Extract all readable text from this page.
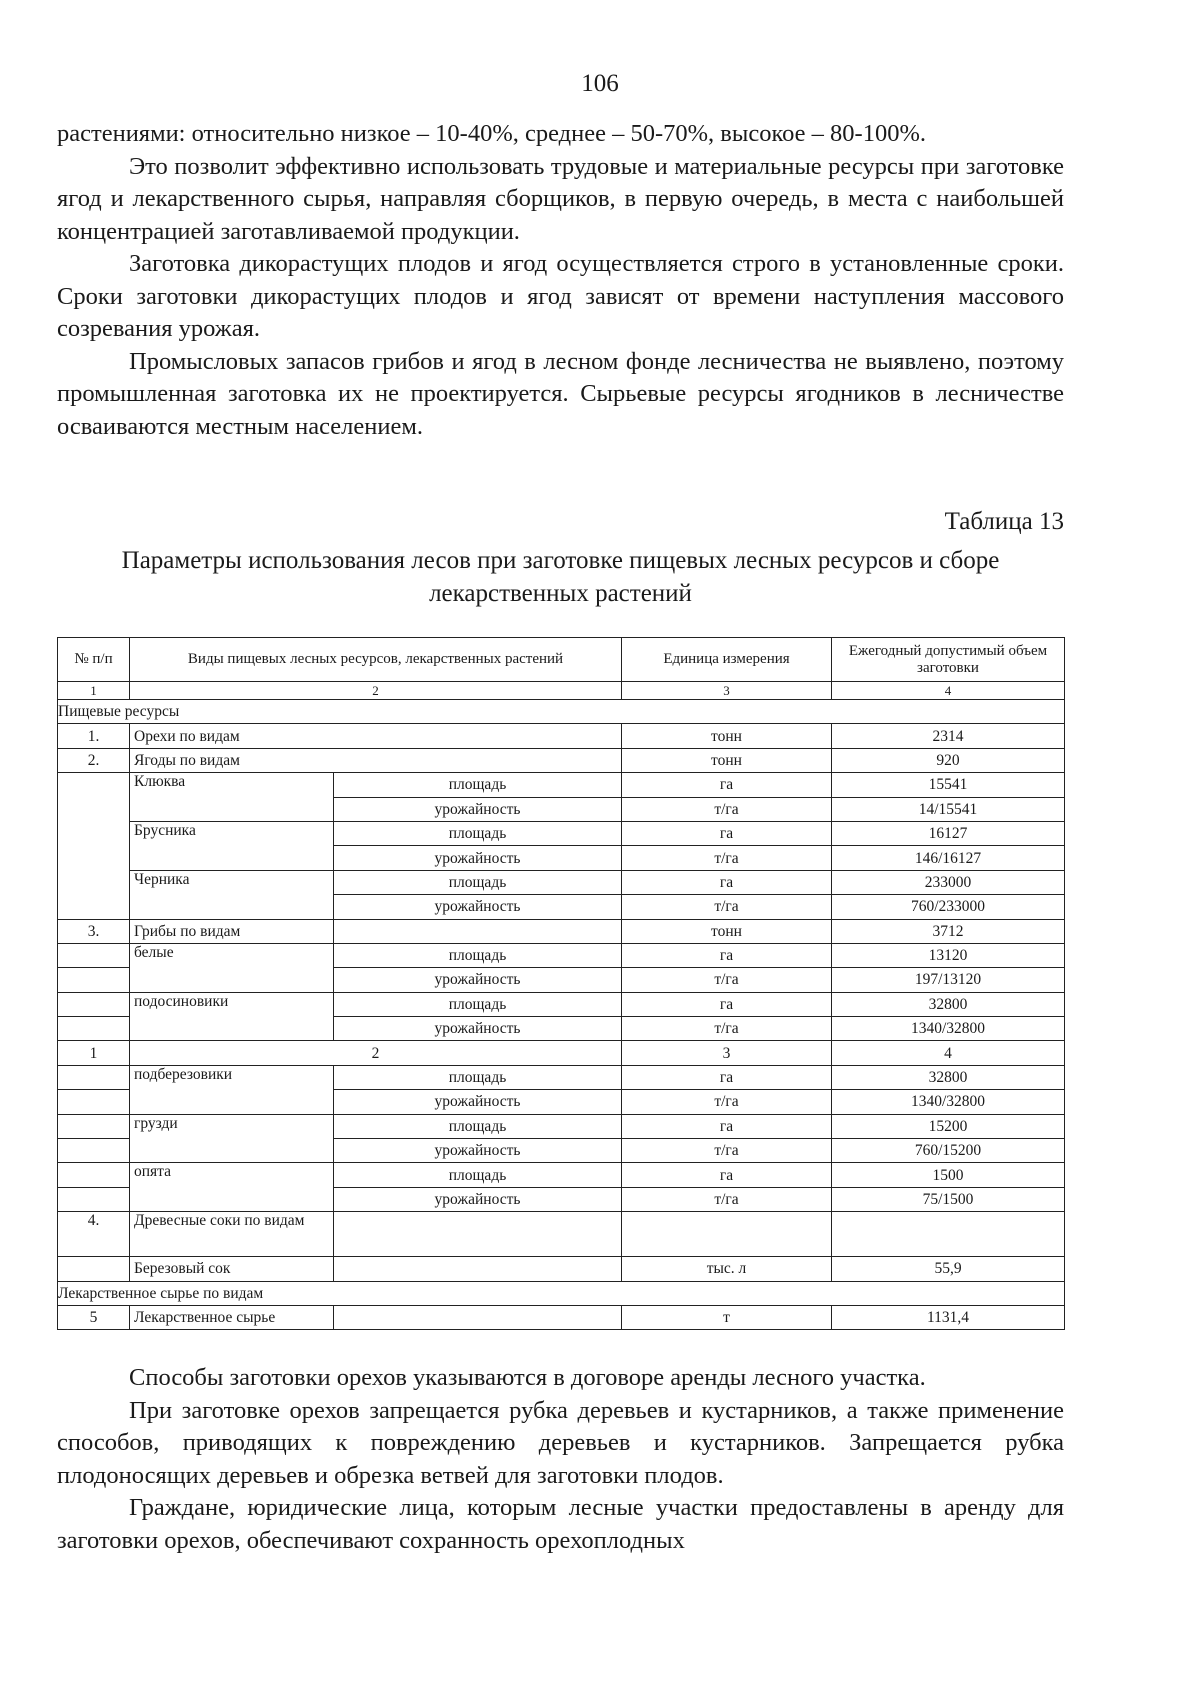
106

растениями: относительно низкое – 10-40%, среднее – 50-70%, высокое – 80-100%.

Это позволит эффективно использовать трудовые и материальные ресурсы при заготовке ягод и лекарственного сырья, направляя сборщиков, в первую очередь, в места с наибольшей концентрацией заготавливаемой продукции.

Заготовка дикорастущих плодов и ягод осуществляется строго в установленные сроки. Сроки заготовки дикорастущих плодов и ягод зависят от времени наступления массового созревания урожая.

Промысловых запасов грибов и ягод в лесном фонде лесничества не выявлено, поэтому промышленная заготовка их не проектируется. Сырьевые ресурсы ягодников в лесничестве осваиваются местным населением.

Таблица 13
Параметры использования лесов при заготовке пищевых лесных ресурсов и сборе лекарственных растений
№ п/п	Виды пищевых лесных ресурсов, лекарственных растений		Единица измерения	Ежегодный допустимый объем заготовки
1	2		3	4
Пищевые ресурсы				
1.	Орехи по видам		тонн	2314
2.	Ягоды по видам		тонн	920
	Клюква	площадь	га	15541
		урожайность	т/га	14/15541
	Брусника	площадь	га	16127
		урожайность	т/га	146/16127
	Черника	площадь	га	233000
		урожайность	т/га	760/233000
3.	Грибы по видам		тонн	3712
	белые	площадь	га	13120
		урожайность	т/га	197/13120
	подосиновики	площадь	га	32800
		урожайность	т/га	1340/32800
1	2		3	4
	подберезовики	площадь	га	32800
		урожайность	т/га	1340/32800
	грузди	площадь	га	15200
		урожайность	т/га	760/15200
	опята	площадь	га	1500
		урожайность	т/га	75/1500
4.	Древесные соки по видам			
	Березовый сок		тыс. л	55,9
Лекарственное сырье по видам				
5	Лекарственное сырье		т	1131,4

Способы заготовки орехов указываются в договоре аренды лесного участка.

При заготовке орехов запрещается рубка деревьев и кустарников, а также применение способов, приводящих к повреждению деревьев и кустарников. Запрещается рубка плодоносящих деревьев и обрезка ветвей для заготовки плодов.

Граждане, юридические лица, которым лесные участки предоставлены в аренду для заготовки орехов, обеспечивают сохранность орехоплодных
